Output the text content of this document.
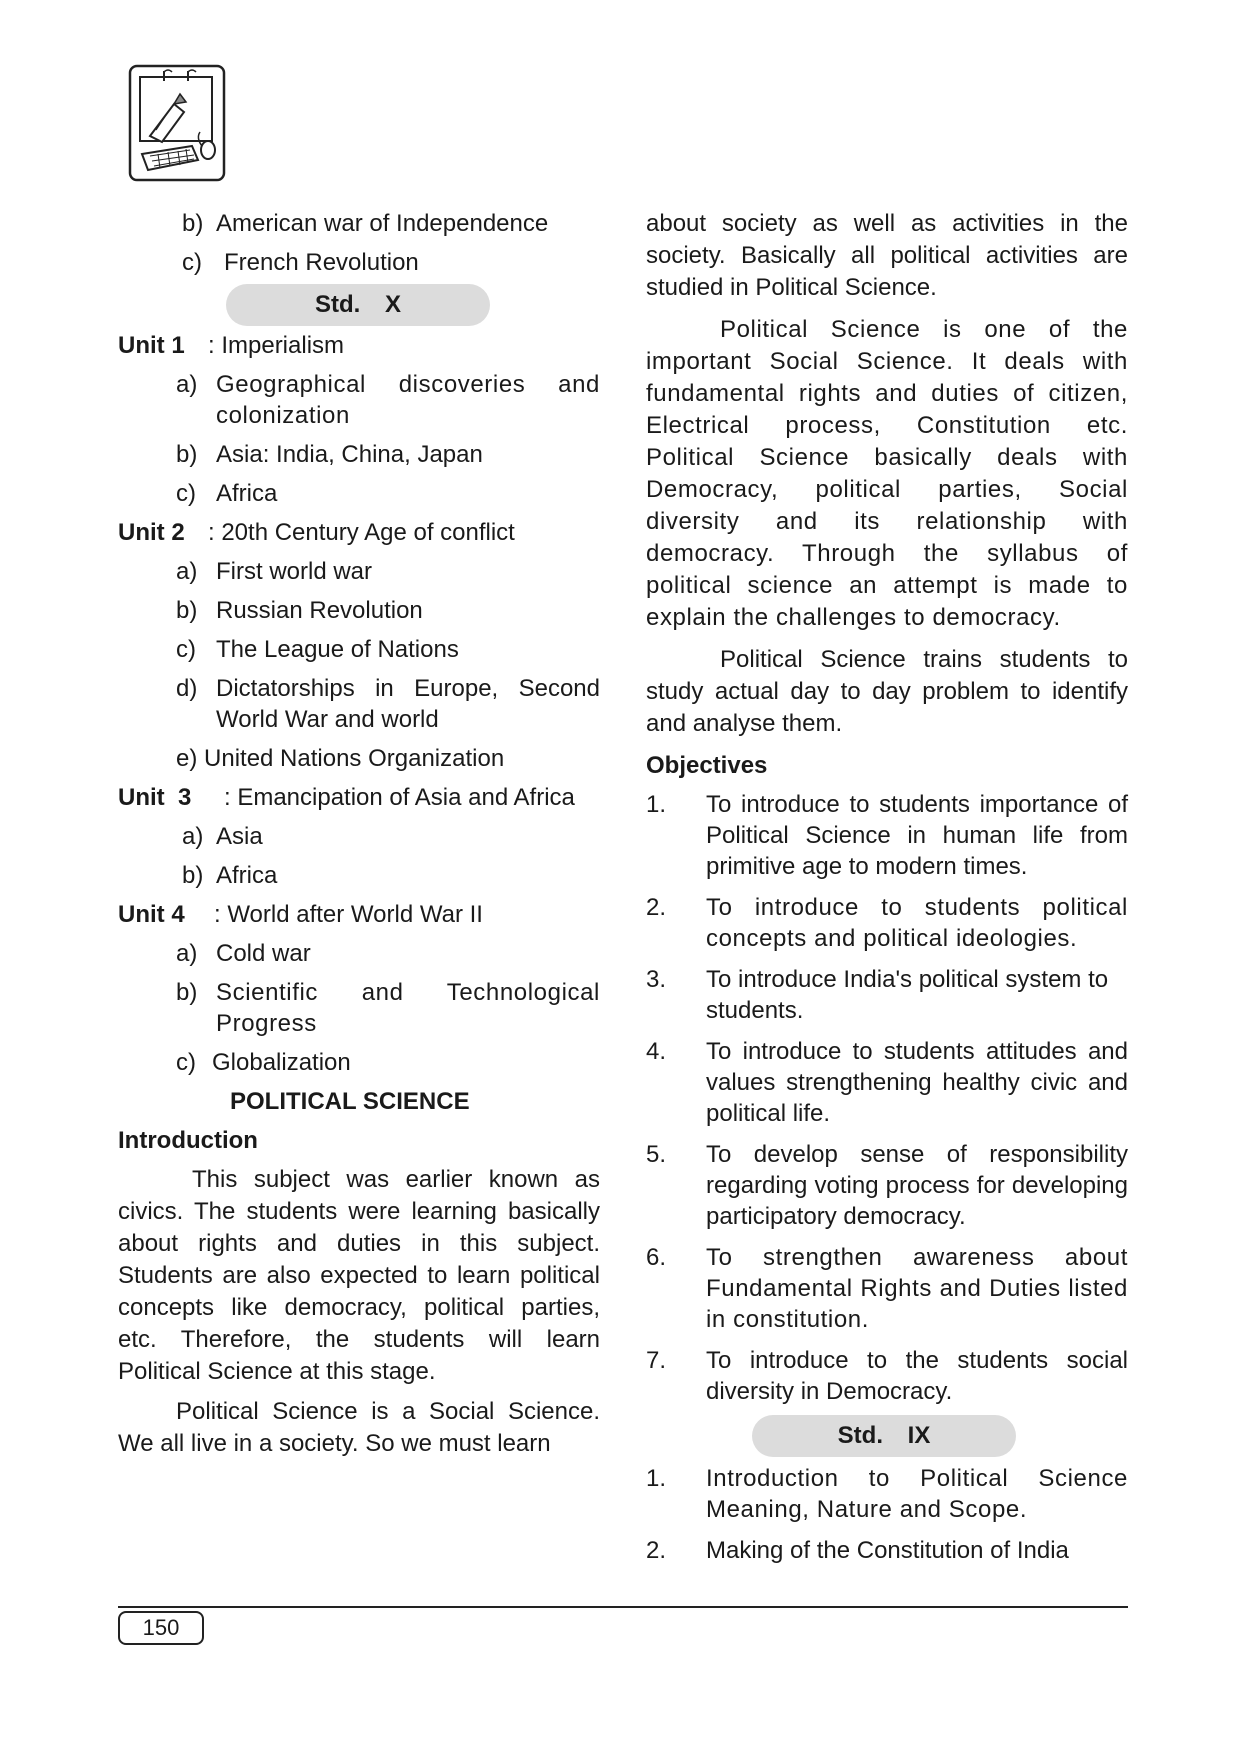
b) American war of Independence
c) French Revolution
Std. X
Unit 1 : Imperialism
a) Geographical discoveries and colonization
b) Asia: India, China, Japan
c) Africa
Unit 2 : 20th Century Age of conflict
a) First world war
b) Russian Revolution
c) The League of Nations
d) Dictatorships in Europe, Second World War and world
e) United Nations Organization
Unit  3	: Emancipation of Asia and Africa
a) Asia
b) Africa
Unit 4	: World after World War II
a) Cold war
b) Scientific and Technological Progress
c) Globalization
POLITICAL SCIENCE
Introduction
This subject was earlier known as civics. The students were learning basically about rights and duties in this subject. Students are also expected to learn political concepts like democracy, political parties, etc. Therefore, the students will learn Political Science at this stage.
Political Science is a Social Science. We all live in a society. So we must learn
about society as well as activities in the society. Basically all political activities are studied in Political Science.
Political Science is one of the important Social Science. It deals with fundamental rights and duties of citizen, Electrical process, Constitution etc. Political Science basically deals with Democracy, political parties, Social diversity and its relationship with democracy. Through the syllabus of political science an attempt is made to explain the challenges to democracy.
Political Science trains students to study actual day to day problem to identify and analyse them.
Objectives
1.	To introduce to students importance of Political Science in human life from primitive age to modern times.
2.	To introduce to students political concepts and political ideologies.
3.	To introduce India's political system to students.
4.	To introduce to students attitudes and values strengthening healthy civic and political life.
5.	To develop sense of responsibility regarding voting process for developing participatory democracy.
6.	To strengthen awareness about Fundamental Rights and Duties listed in constitution.
7.	To introduce to the students social diversity in Democracy.
Std. IX
1.	Introduction to Political Science Meaning, Nature and Scope.
2.	Making of the Constitution of India
150
